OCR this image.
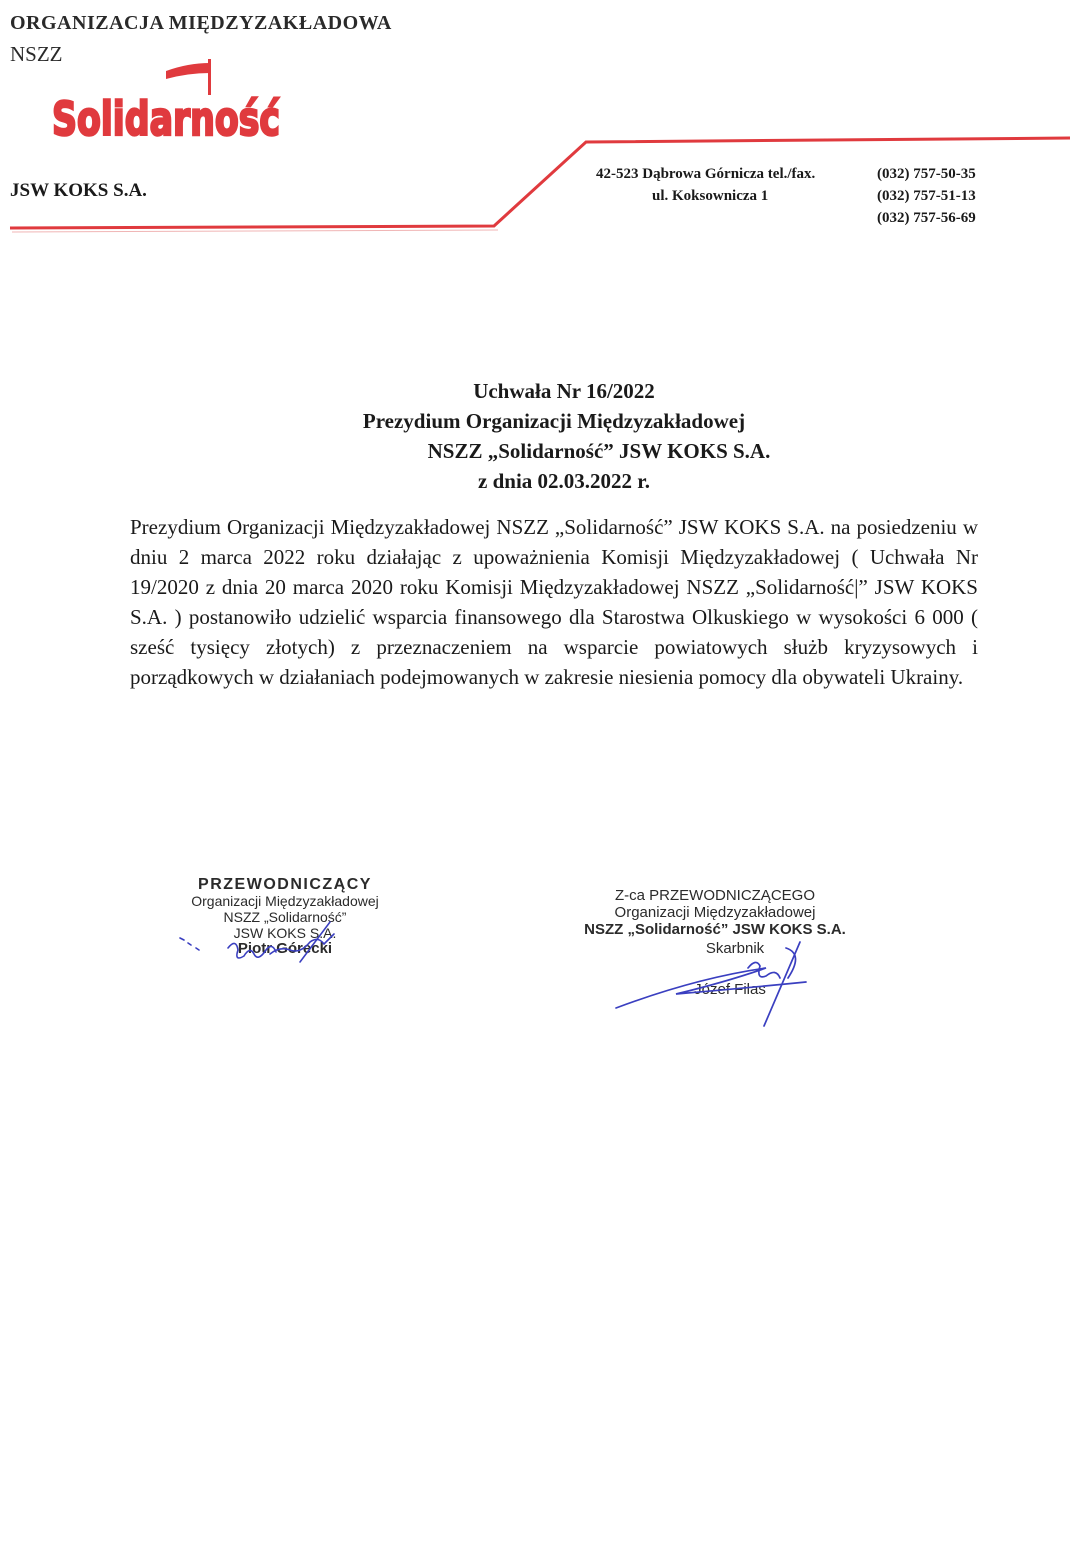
ORGANIZACJA MIĘDZYZAKŁADOWA
NSZZ
Solidarność
JSW KOKS S.A.
42-523 Dąbrowa Górnicza tel./fax.
ul. Koksownicza 1
(032) 757-50-35
(032) 757-51-13
(032) 757-56-69
Uchwała Nr 16/2022
Prezydium Organizacji Międzyzakładowej
NSZZ „Solidarność” JSW KOKS S.A.
z dnia 02.03.2022 r.
Prezydium Organizacji Międzyzakładowej NSZZ „Solidarność” JSW KOKS S.A. na posiedzeniu w dniu 2 marca 2022 roku działając z upoważnienia Komisji Międzyzakładowej ( Uchwała Nr 19/2020 z dnia 20 marca 2020 roku Komisji Międzyzakładowej NSZZ „Solidarność|” JSW KOKS S.A. ) postanowiło udzielić wsparcia finansowego dla Starostwa Olkuskiego w wysokości 6 000 ( sześć tysięcy złotych) z przeznaczeniem na wsparcie powiatowych służb kryzysowych i porządkowych w działaniach podejmowanych w zakresie niesienia pomocy dla obywateli Ukrainy.
PRZEWODNICZĄCY
Organizacji Międzyzakładowej
NSZZ „Solidarność”
JSW KOKS S.A.
Piotr Górecki
Z-ca PRZEWODNICZĄCEGO
Organizacji Międzyzakładowej
NSZZ „Solidarność” JSW KOKS S.A.
Skarbnik
Józef Filas
